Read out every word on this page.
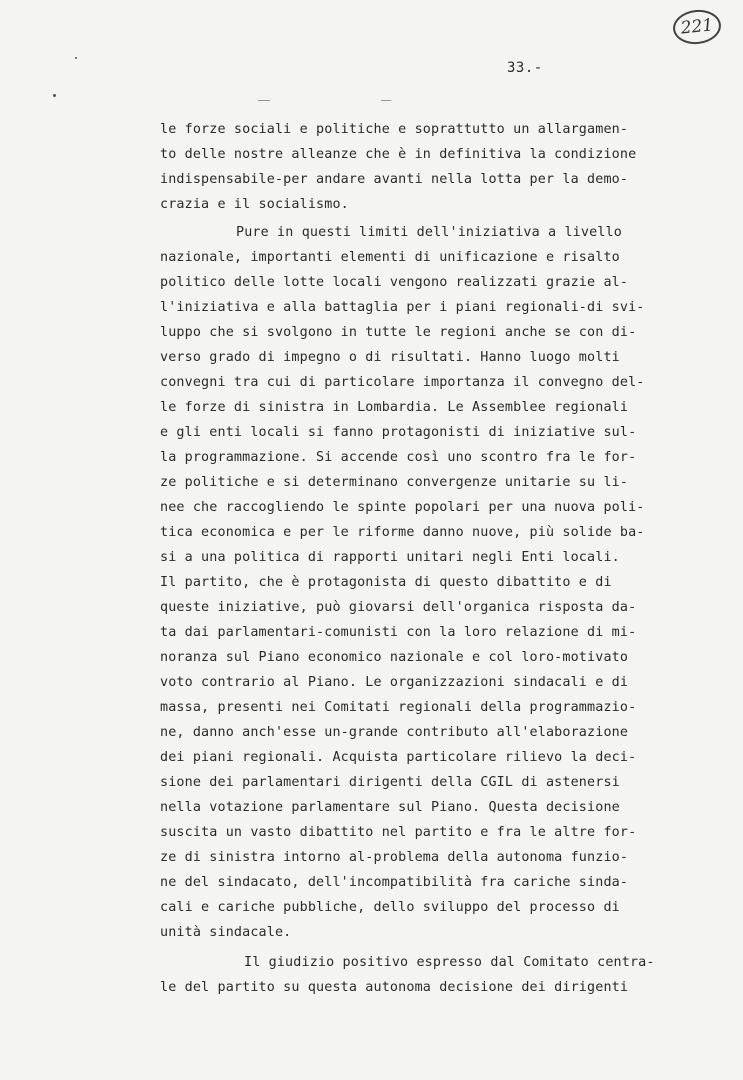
221
33.-
le forze sociali e politiche e soprattutto un allargamen-
to delle nostre alleanze che è in definitiva la condizione
indispensabile-per andare avanti nella lotta per la demo-
crazia e il socialismo.
Pure in questi limiti dell'iniziativa a livello
nazionale, importanti elementi di unificazione e risalto
politico delle lotte locali vengono realizzati grazie al-
l'iniziativa e alla battaglia per i piani regionali-di svi-
luppo che si svolgono in tutte le regioni anche se con di-
verso grado di impegno o di risultati. Hanno luogo molti
convegni tra cui di particolare importanza il convegno del-
le forze di sinistra in Lombardia. Le Assemblee regionali
e gli enti locali si fanno protagonisti di iniziative sul-
la programmazione. Si accende così uno scontro fra le for-
ze politiche e si determinano convergenze unitarie su li-
nee che raccogliendo le spinte popolari per una nuova poli-
tica economica e per le riforme danno nuove, più solide ba-
si a una politica di rapporti unitari negli Enti locali.
Il partito, che è protagonista di questo dibattito e di
queste iniziative, può giovarsi dell'organica risposta da-
ta dai parlamentari-comunisti con la loro relazione di mi-
noranza sul Piano economico nazionale e col loro-motivato
voto contrario al Piano. Le organizzazioni sindacali e di
massa, presenti nei Comitati regionali della programmazio-
ne, danno anch'esse un-grande contributo all'elaborazione
dei piani regionali. Acquista particolare rilievo la deci-
sione dei parlamentari dirigenti della CGIL di astenersi
nella votazione parlamentare sul Piano. Questa decisione
suscita un vasto dibattito nel partito e fra le altre for-
ze di sinistra intorno al-problema della autonoma funzio-
ne del sindacato, dell'incompatibilità fra cariche sinda-
cali e cariche pubbliche, dello sviluppo del processo di
unità sindacale.
Il giudizio positivo espresso dal Comitato centra-
le del partito su questa autonoma decisione dei dirigenti
